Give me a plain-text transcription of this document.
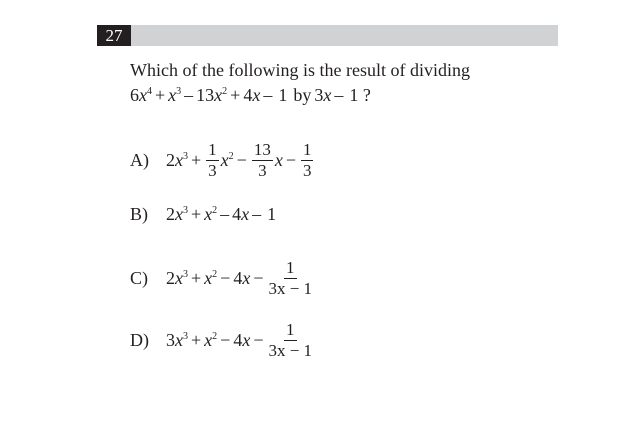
27
Which of the following is the result of dividing
$6x^4 + x^3 - 13x^2 + 4x - 1$ by 3x – 1 ?
A) $2x^3 + \frac{1}{3} x^2 - \frac{13}{3}$ $x - \frac{1}{3}$
B)	$2x^3 + x^2 - 4x - 1$
C)	$2x^3 + x^2 - 4x - \frac{1}{3x - 1}$
D) $3x^3 + x^2 - 4x - \frac{1}{3x - 1}$
